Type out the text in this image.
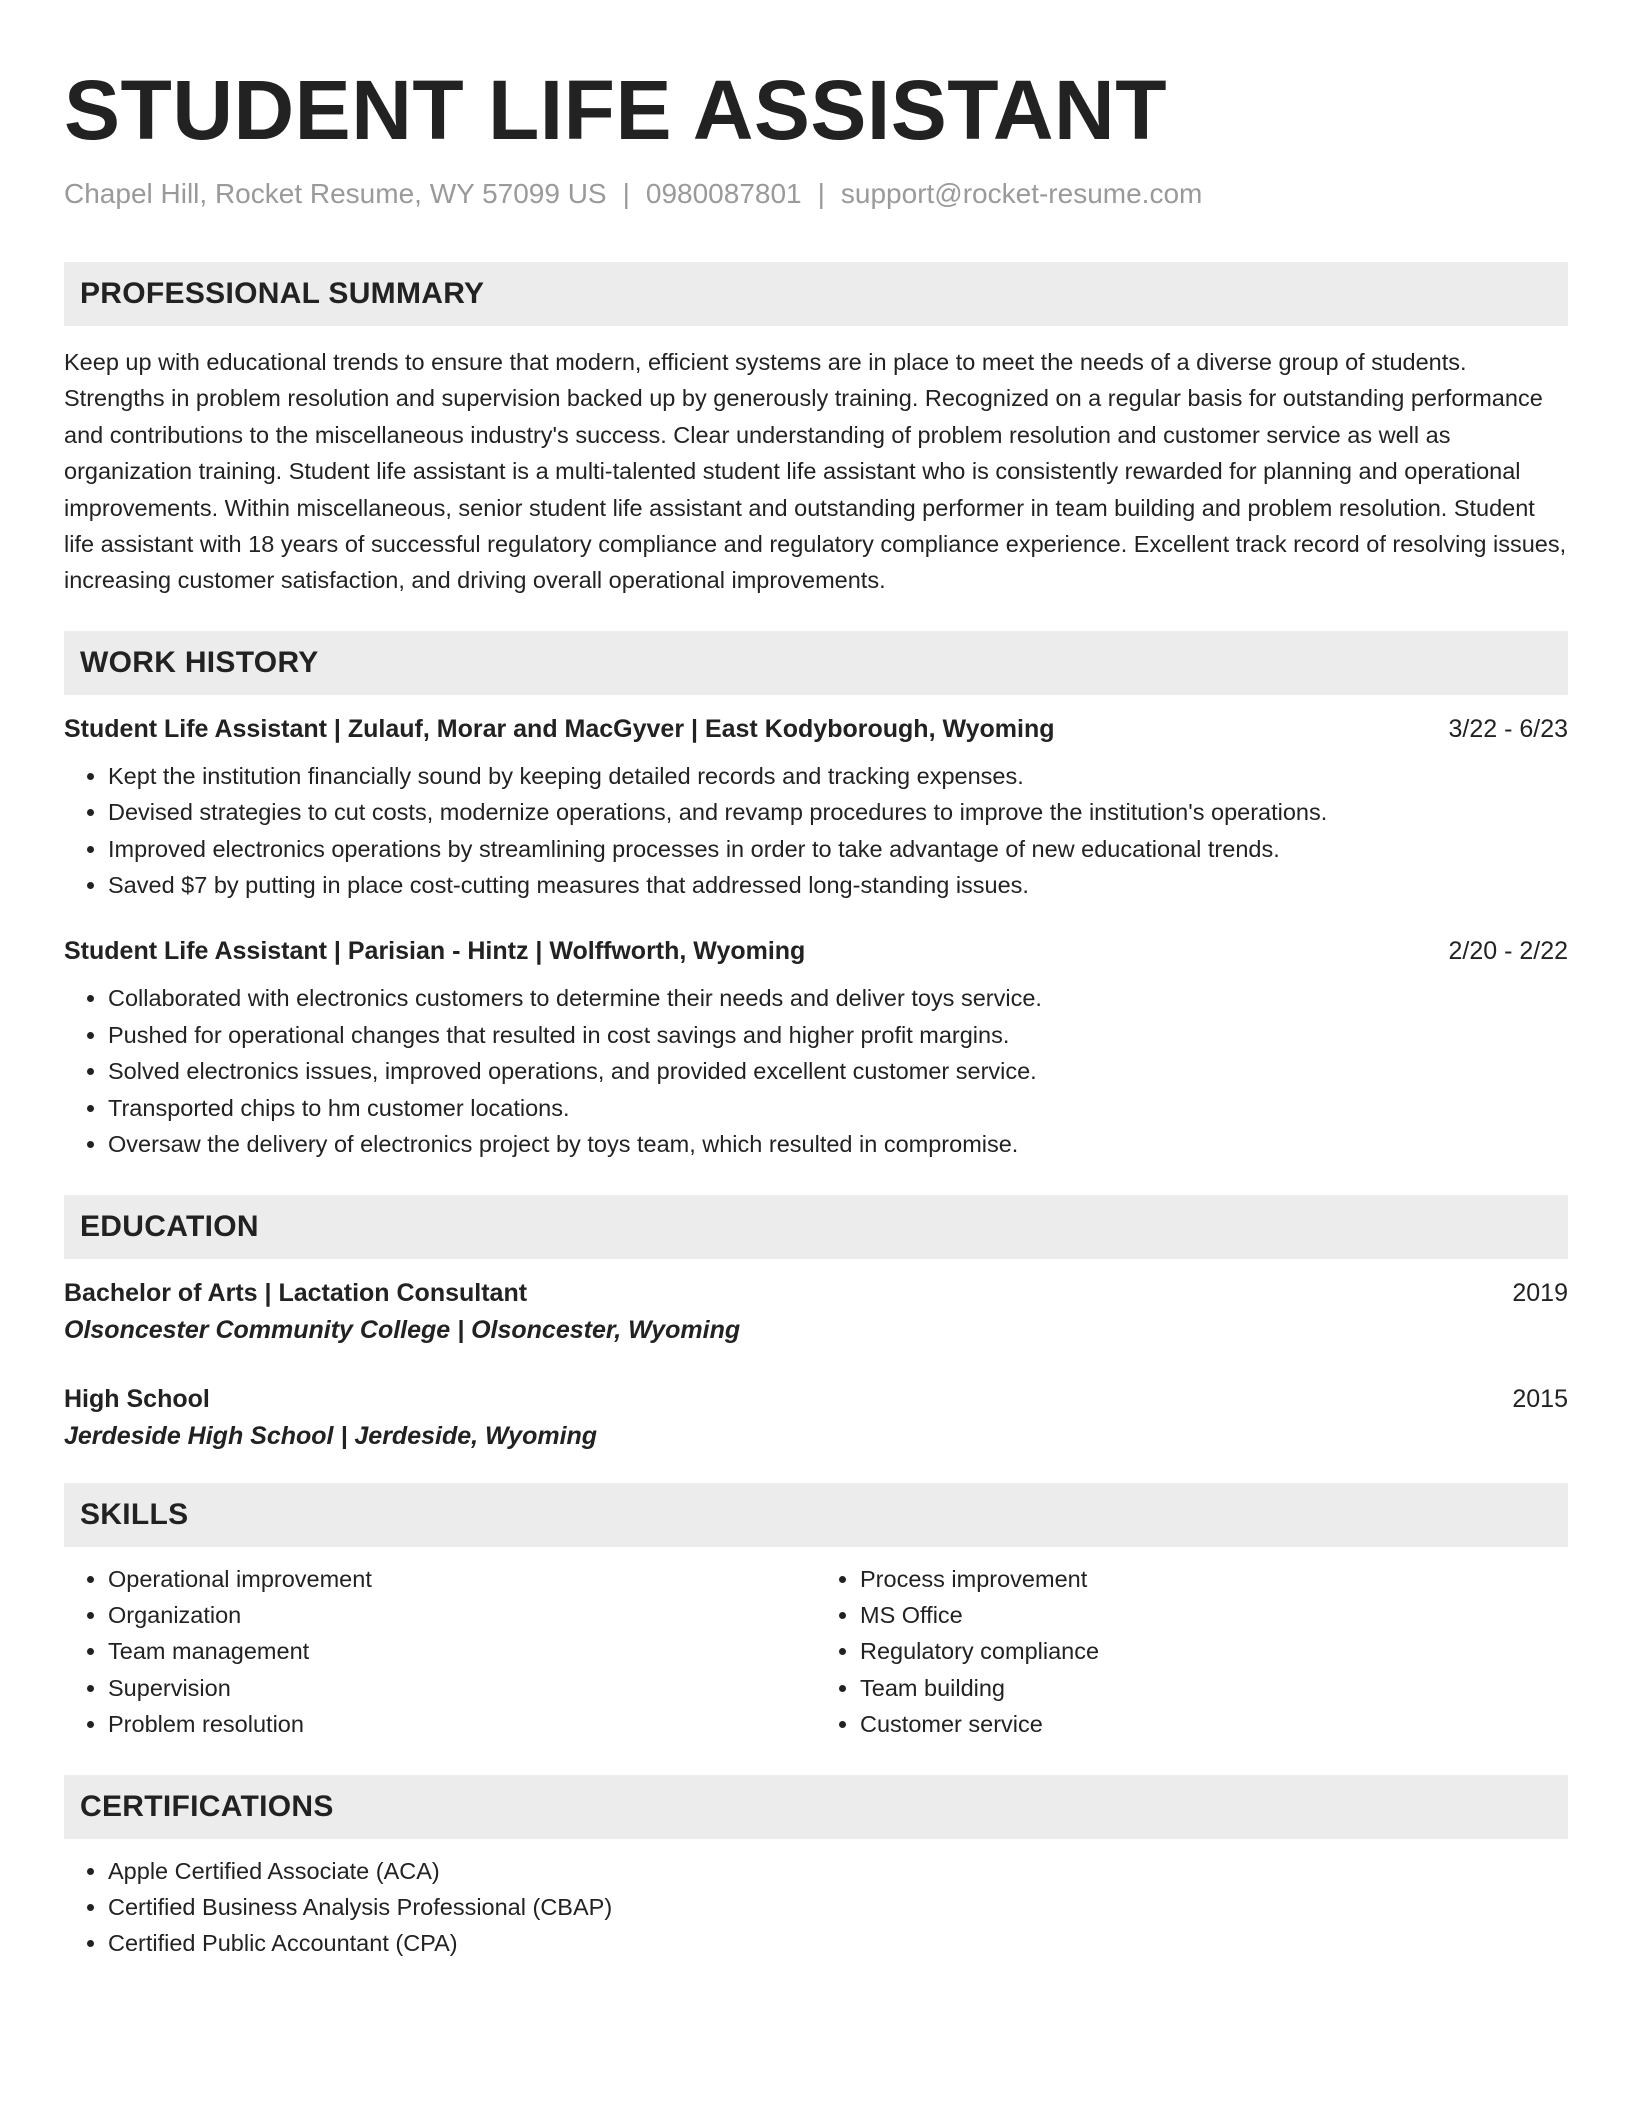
STUDENT LIFE ASSISTANT
Chapel Hill, Rocket Resume, WY 57099 US | 0980087801 | support@rocket-resume.com
PROFESSIONAL SUMMARY
Keep up with educational trends to ensure that modern, efficient systems are in place to meet the needs of a diverse group of students. Strengths in problem resolution and supervision backed up by generously training. Recognized on a regular basis for outstanding performance and contributions to the miscellaneous industry's success. Clear understanding of problem resolution and customer service as well as organization training. Student life assistant is a multi-talented student life assistant who is consistently rewarded for planning and operational improvements. Within miscellaneous, senior student life assistant and outstanding performer in team building and problem resolution. Student life assistant with 18 years of successful regulatory compliance and regulatory compliance experience. Excellent track record of resolving issues, increasing customer satisfaction, and driving overall operational improvements.
WORK HISTORY
Student Life Assistant | Zulauf, Morar and MacGyver | East Kodyborough, Wyoming	3/22 - 6/23
• Kept the institution financially sound by keeping detailed records and tracking expenses.
• Devised strategies to cut costs, modernize operations, and revamp procedures to improve the institution's operations.
• Improved electronics operations by streamlining processes in order to take advantage of new educational trends.
• Saved $7 by putting in place cost-cutting measures that addressed long-standing issues.
Student Life Assistant | Parisian - Hintz | Wolffworth, Wyoming	2/20 - 2/22
• Collaborated with electronics customers to determine their needs and deliver toys service.
• Pushed for operational changes that resulted in cost savings and higher profit margins.
• Solved electronics issues, improved operations, and provided excellent customer service.
• Transported chips to hm customer locations.
• Oversaw the delivery of electronics project by toys team, which resulted in compromise.
EDUCATION
Bachelor of Arts | Lactation Consultant	2019
Olsoncester Community College | Olsoncester, Wyoming
High School	2015
Jerdeside High School | Jerdeside, Wyoming
SKILLS
• Operational improvement
• Organization
• Team management
• Supervision
• Problem resolution
• Process improvement
• MS Office
• Regulatory compliance
• Team building
• Customer service
CERTIFICATIONS
• Apple Certified Associate (ACA)
• Certified Business Analysis Professional (CBAP)
• Certified Public Accountant (CPA)
